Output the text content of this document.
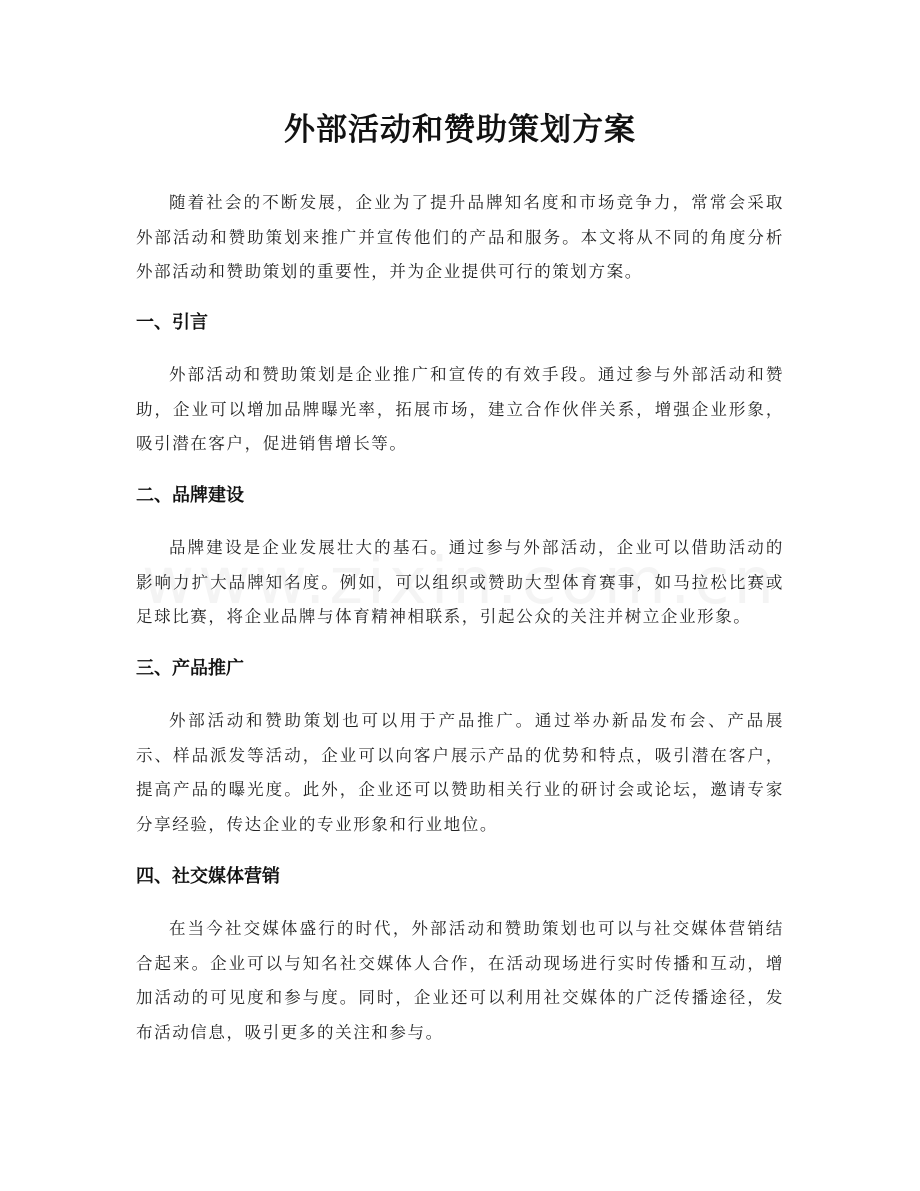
外部活动和赞助策划方案

随着社会的不断发展，企业为了提升品牌知名度和市场竞争力，常常会采取外部活动和赞助策划来推广并宣传他们的产品和服务。本文将从不同的角度分析外部活动和赞助策划的重要性，并为企业提供可行的策划方案。

一、引言

外部活动和赞助策划是企业推广和宣传的有效手段。通过参与外部活动和赞助，企业可以增加品牌曝光率，拓展市场，建立合作伙伴关系，增强企业形象，吸引潜在客户，促进销售增长等。

二、品牌建设

品牌建设是企业发展壮大的基石。通过参与外部活动，企业可以借助活动的影响力扩大品牌知名度。例如，可以组织或赞助大型体育赛事，如马拉松比赛或足球比赛，将企业品牌与体育精神相联系，引起公众的关注并树立企业形象。

三、产品推广

外部活动和赞助策划也可以用于产品推广。通过举办新品发布会、产品展示、样品派发等活动，企业可以向客户展示产品的优势和特点，吸引潜在客户，提高产品的曝光度。此外，企业还可以赞助相关行业的研讨会或论坛，邀请专家分享经验，传达企业的专业形象和行业地位。

四、社交媒体营销

在当今社交媒体盛行的时代，外部活动和赞助策划也可以与社交媒体营销结合起来。企业可以与知名社交媒体人合作，在活动现场进行实时传播和互动，增加活动的可见度和参与度。同时，企业还可以利用社交媒体的广泛传播途径，发布活动信息，吸引更多的关注和参与。
